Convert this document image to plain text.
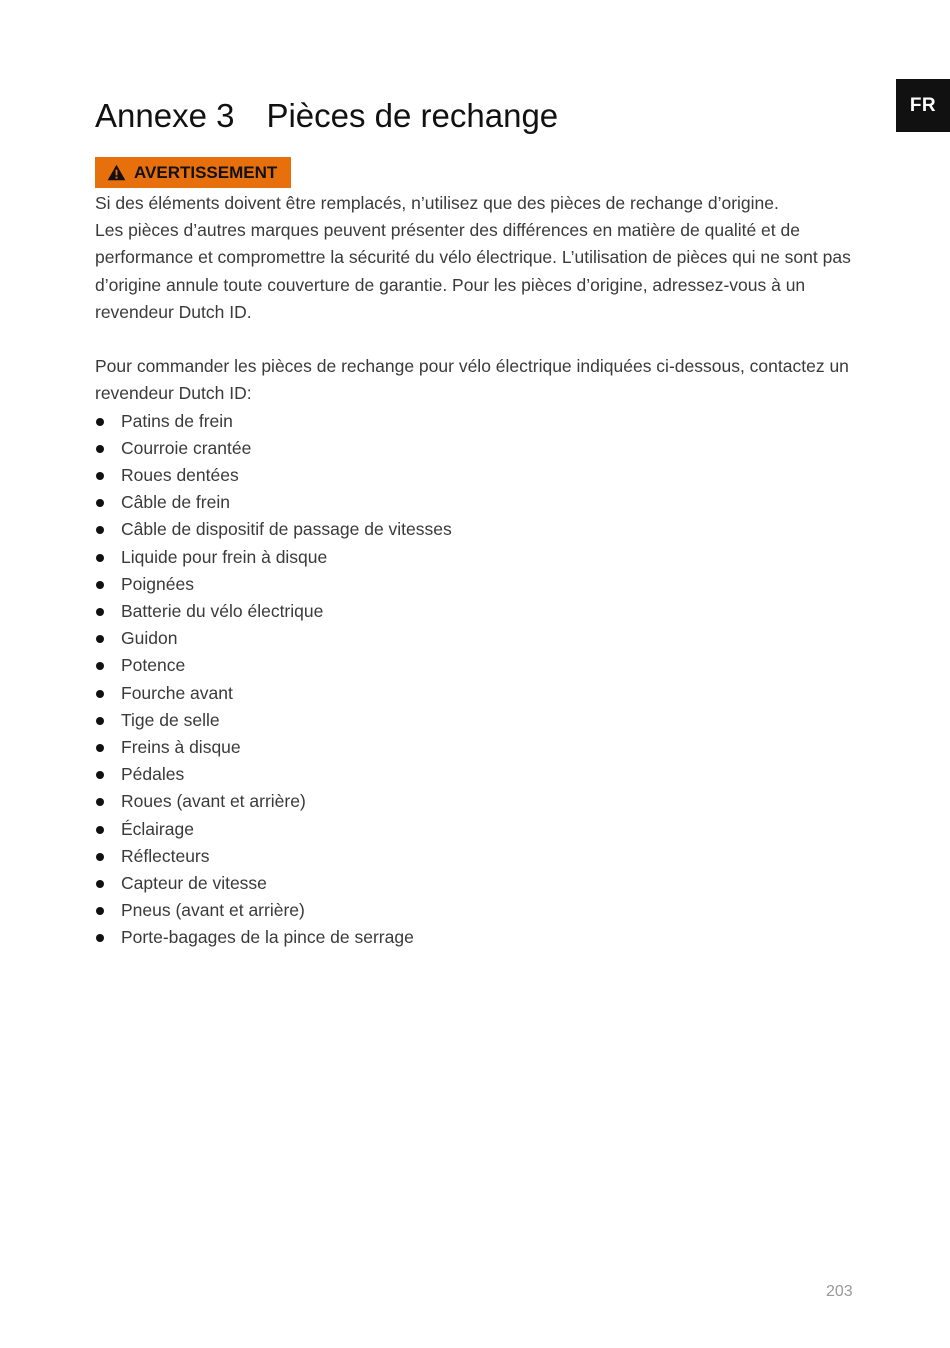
FR
Annexe 3 Pièces de rechange
AVERTISSEMENT

Si des éléments doivent être remplacés, n’utilisez que des pièces de rechange d’origine.

Les pièces d’autres marques peuvent présenter des différences en matière de qualité et de performance et compromettre la sécurité du vélo électrique. L’utilisation de pièces qui ne sont pas d’origine annule toute couverture de garantie. Pour les pièces d’origine, adressez-vous à un revendeur Dutch ID.

Pour commander les pièces de rechange pour vélo électrique indiquées ci-dessous, contactez un revendeur Dutch ID:

Patins de frein
Courroie crantée
Roues dentées
Câble de frein
Câble de dispositif de passage de vitesses
Liquide pour frein à disque
Poignées
Batterie du vélo électrique
Guidon
Potence
Fourche avant
Tige de selle
Freins à disque
Pédales
Roues (avant et arrière)
Éclairage
Réflecteurs
Capteur de vitesse
Pneus (avant et arrière)
Porte-bagages de la pince de serrage
203
